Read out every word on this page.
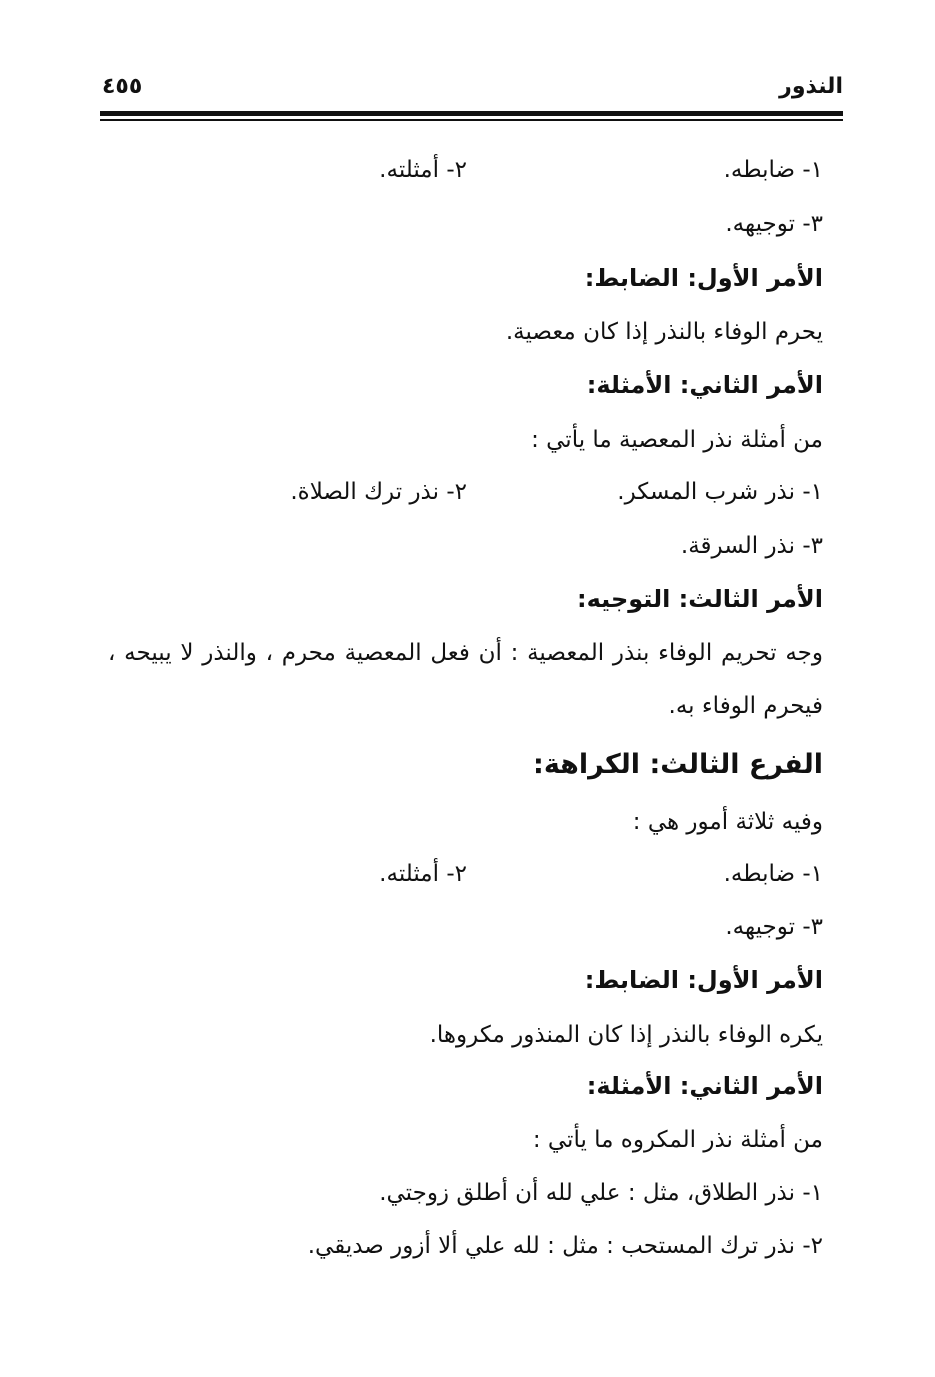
النذور
٤٥٥
١- ضابطه.
٢- أمثلته.
٣- توجيهه.
الأمر الأول: الضابط:
يحرم الوفاء بالنذر إذا كان معصية.
الأمر الثاني: الأمثلة:
من أمثلة نذر المعصية ما يأتي :
١- نذر شرب المسكر.
٢- نذر ترك الصلاة.
٣- نذر السرقة.
الأمر الثالث: التوجيه:
وجه تحريم الوفاء بنذر المعصية : أن فعل المعصية محرم ، والنذر لا يبيحه ،
فيحرم الوفاء به.
الفرع الثالث: الكراهة:
وفيه ثلاثة أمور هي :
١- ضابطه.
٢- أمثلته.
٣- توجيهه.
الأمر الأول: الضابط:
يكره الوفاء بالنذر إذا كان المنذور مكروها.
الأمر الثاني: الأمثلة:
من أمثلة نذر المكروه ما يأتي :
١- نذر الطلاق، مثل : علي لله أن أطلق زوجتي.
٢- نذر ترك المستحب : مثل : لله علي ألا أزور صديقي.
